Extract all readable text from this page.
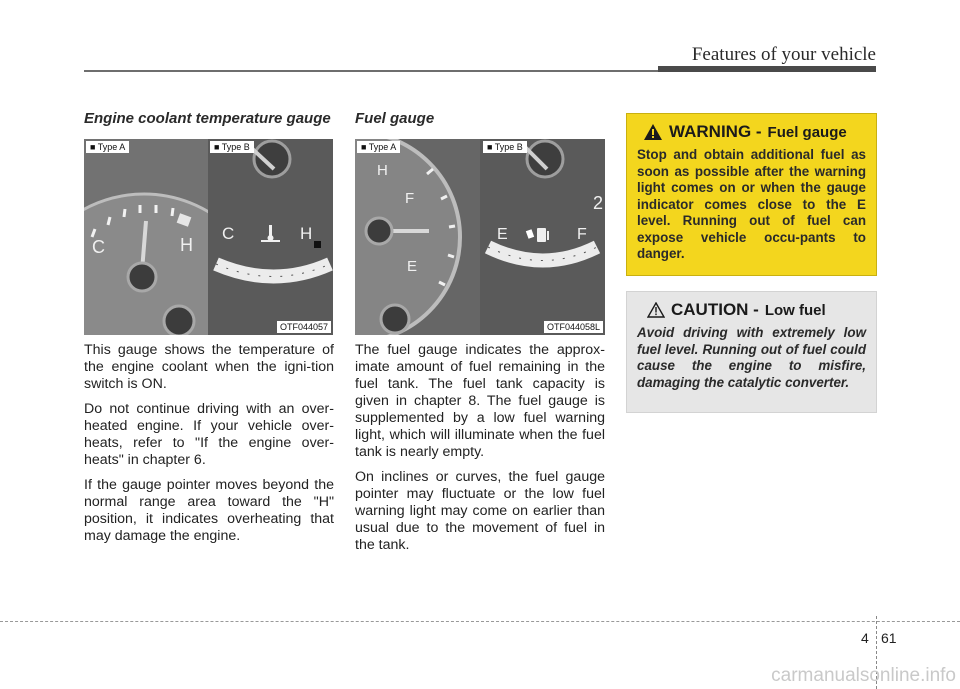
Features of your vehicle
Engine coolant temperature gauge
C	H
C	H
■ Type A	■ Type B
OTF044057

This gauge shows the temperature of the engine coolant when the igni-tion switch is ON.

Do not continue driving with an over-heated engine. If your vehicle over-heats, refer to "If the engine over-heats" in chapter 6.

If the gauge pointer moves beyond the normal range area toward the "H" position, it indicates overheating that may damage the engine.

Fuel gauge
H
F
E
E	F
2
■ Type A	■ Type B
OTF044058L

The fuel gauge indicates the approx-imate amount of fuel remaining in the fuel tank. The fuel tank capacity is given in chapter 8. The fuel gauge is supplemented by a low fuel warning light, which will illuminate when the fuel tank is nearly empty.

On inclines or curves, the fuel gauge pointer may fluctuate or the low fuel warning light may come on earlier than usual due to the movement of fuel in the tank.

WARNING - Fuel gauge
Stop and obtain additional fuel as soon as possible after the warning light comes on or when the gauge indicator comes close to the E level. Running out of fuel can expose vehicle occu-pants to danger.
CAUTION - Low fuel
Avoid driving with extremely low fuel level. Running out of fuel could cause the engine to misfire, damaging the catalytic converter.
4 61
carmanualsonline.info
